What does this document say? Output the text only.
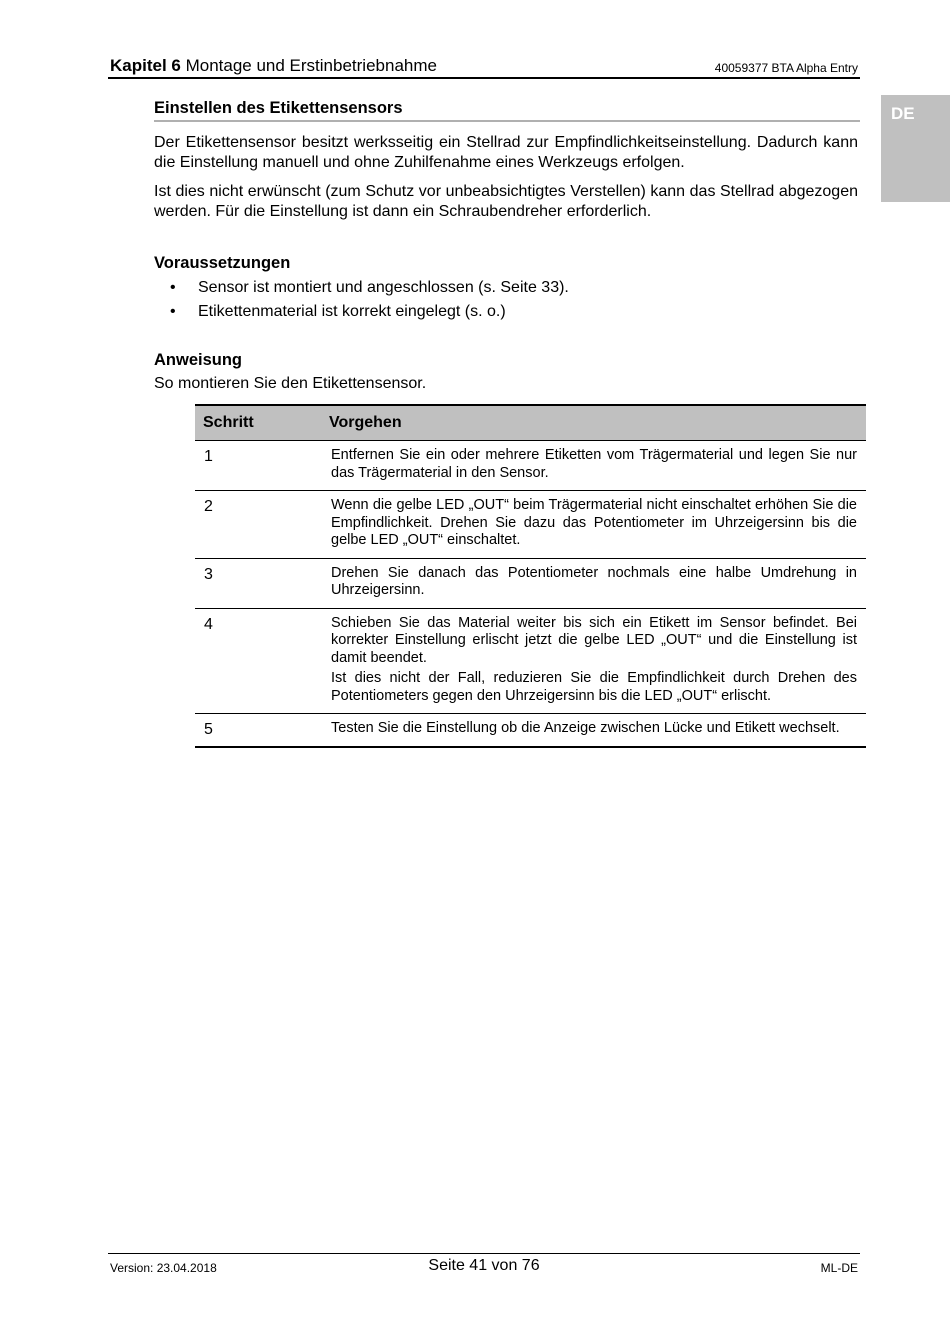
Kapitel 6 Montage und Erstinbetriebnahme	40059377 BTA Alpha Entry
DE
Einstellen des Etikettensensors
Der Etikettensensor besitzt werksseitig ein Stellrad zur Empfindlichkeitseinstellung. Dadurch kann die Einstellung manuell und ohne Zuhilfenahme eines Werkzeugs erfolgen.
Ist dies nicht erwünscht (zum Schutz vor unbeabsichtigtes Verstellen) kann das Stellrad abgezogen werden. Für die Einstellung ist dann ein Schraubendreher erforderlich.
Voraussetzungen
• Sensor ist montiert und angeschlossen (s. Seite 33).
• Etikettenmaterial ist korrekt eingelegt (s. o.)
Anweisung
So montieren Sie den Etikettensensor.
Schritt	Vorgehen
1	Entfernen Sie ein oder mehrere Etiketten vom Trägermaterial und legen Sie nur das Trägermaterial in den Sensor.

2	Wenn die gelbe LED „OUT“ beim Trägermaterial nicht einschaltet erhöhen Sie die Empfindlichkeit. Drehen Sie dazu das Potentiometer im Uhrzeigersinn bis die gelbe LED „OUT“ einschaltet.

3	Drehen Sie danach das Potentiometer nochmals eine halbe Umdrehung in Uhrzeigersinn.

4	Schieben Sie das Material weiter bis sich ein Etikett im Sensor befindet. Bei korrekter Einstellung erlischt jetzt die gelbe LED „OUT“ und die Einstellung ist damit beendet.

Ist dies nicht der Fall, reduzieren Sie die Empfindlichkeit durch Drehen des Potentiometers gegen den Uhrzeigersinn bis die LED „OUT“ erlischt.

5	Testen Sie die Einstellung ob die Anzeige zwischen Lücke und Etikett wechselt.

Version: 23.04.2018	Seite 41 von 76	ML-DE
